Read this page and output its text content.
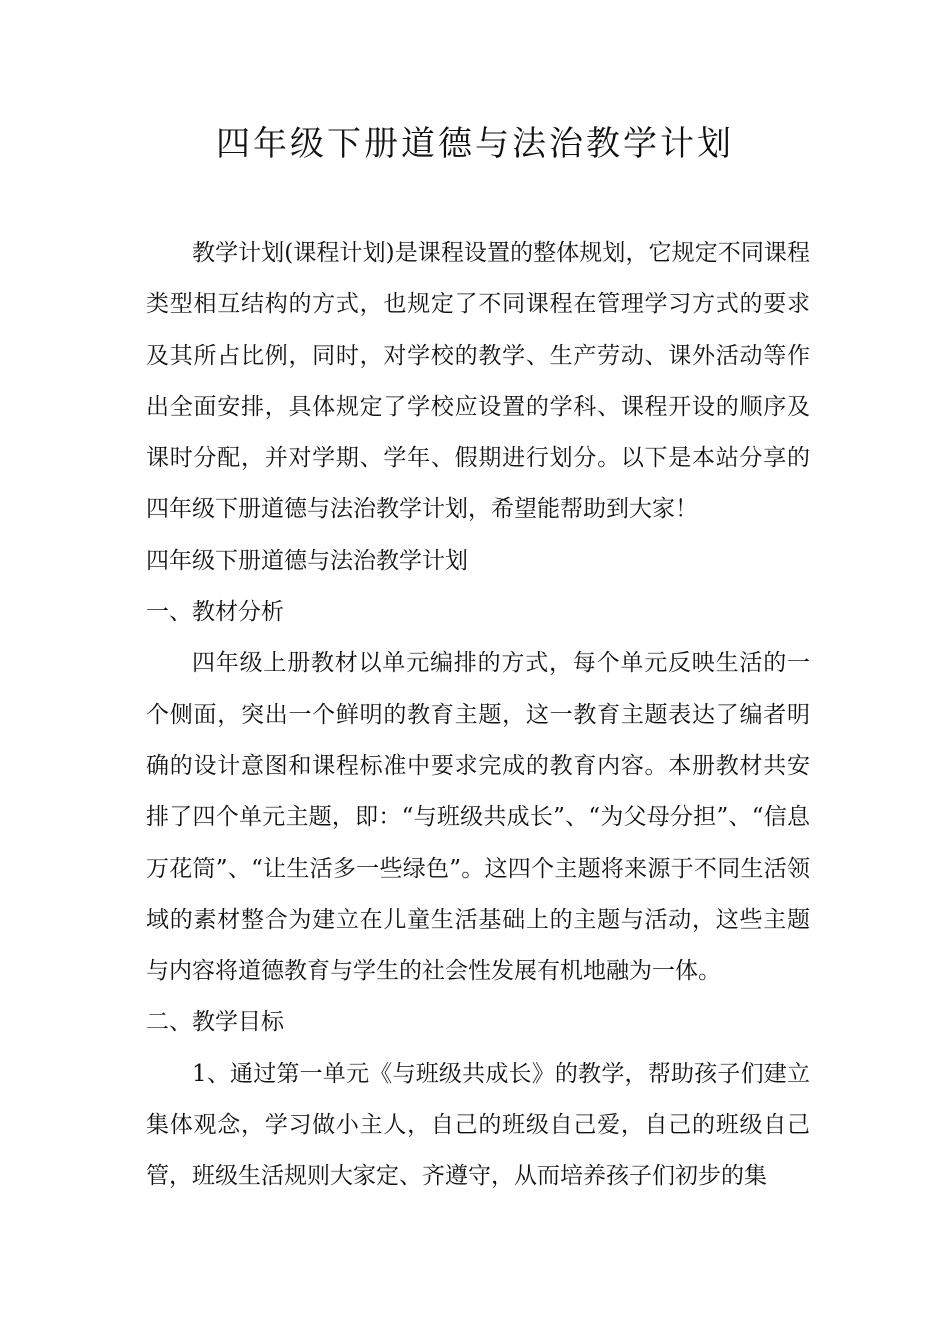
四年级下册道德与法治教学计划

教学计划(课程计划)是课程设置的整体规划，它规定不同课程类型相互结构的方式，也规定了不同课程在管理学习方式的要求及其所占比例，同时，对学校的教学、生产劳动、课外活动等作出全面安排，具体规定了学校应设置的学科、课程开设的顺序及课时分配，并对学期、学年、假期进行划分。以下是本站分享的四年级下册道德与法治教学计划，希望能帮助到大家！

四年级下册道德与法治教学计划

一、教材分析

四年级上册教材以单元编排的方式，每个单元反映生活的一个侧面，突出一个鲜明的教育主题，这一教育主题表达了编者明确的设计意图和课程标准中要求完成的教育内容。本册教材共安排了四个单元主题，即：“与班级共成长”、“为父母分担”、“信息万花筒”、“让生活多一些绿色”。这四个主题将来源于不同生活领域的素材整合为建立在儿童生活基础上的主题与活动，这些主题与内容将道德教育与学生的社会性发展有机地融为一体。

二、教学目标

1、通过第一单元《与班级共成长》的教学，帮助孩子们建立集体观念，学习做小主人，自己的班级自己爱，自己的班级自己管，班级生活规则大家定、齐遵守，从而培养孩子们初步的集
